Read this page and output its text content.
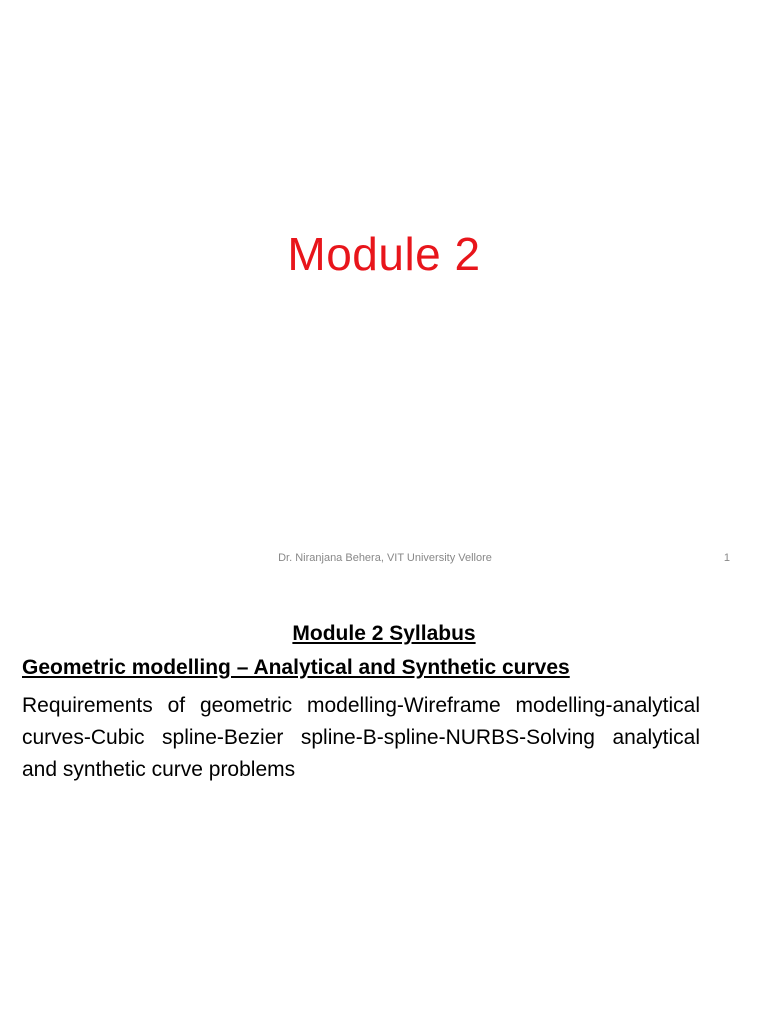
Module 2
Dr. Niranjana Behera, VIT University Vellore	1
Module 2 Syllabus
Geometric modelling – Analytical and Synthetic curves
Requirements of geometric modelling-Wireframe modelling-analytical curves-Cubic spline-Bezier spline-B-spline-NURBS-Solving analytical and synthetic curve problems
